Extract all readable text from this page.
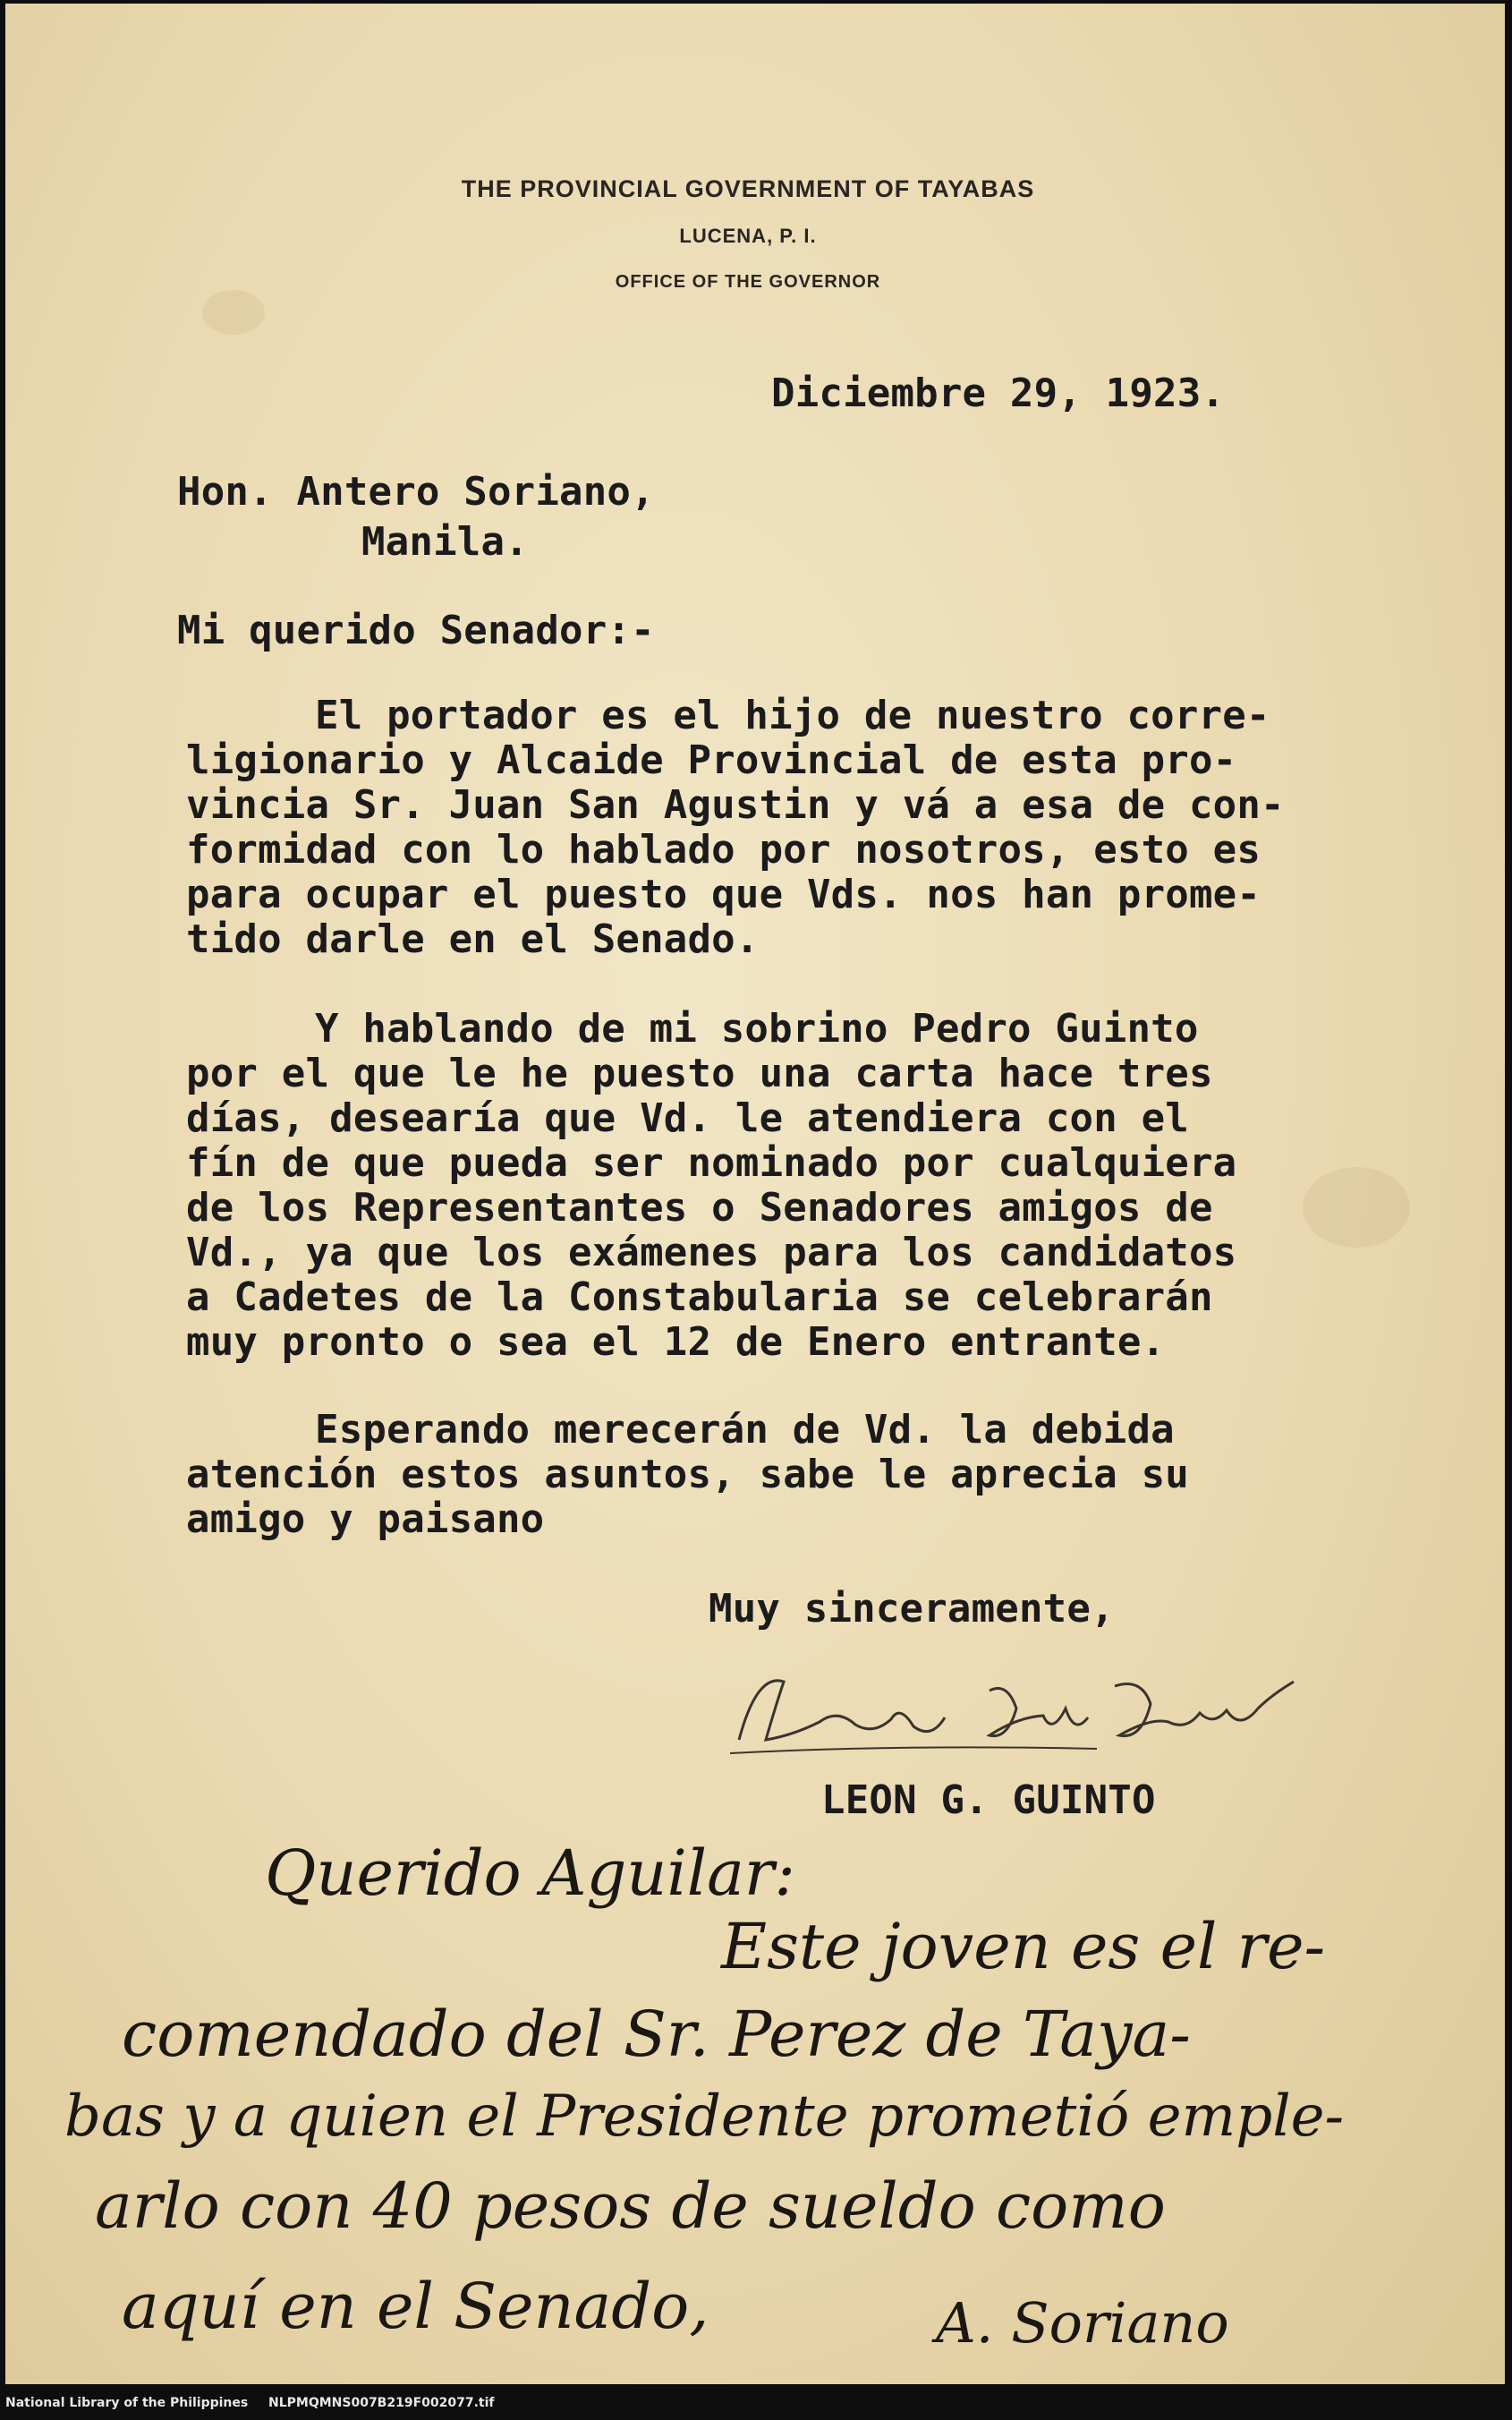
THE PROVINCIAL GOVERNMENT OF TAYABAS
LUCENA, P. I.
OFFICE OF THE GOVERNOR
Diciembre 29, 1923.
Hon. Antero Soriano,
Manila.
Mi querido Senador:-
El portador es el hijo de nuestro corre-
ligionario y Alcaide Provincial de esta pro-
vincia Sr. Juan San Agustin y vá a esa de con-
formidad con lo hablado por nosotros, esto es
para ocupar el puesto que Vds. nos han prome-
tido darle en el Senado.
Y hablando de mi sobrino Pedro Guinto
por el que le he puesto una carta hace tres
días, desearía que Vd. le atendiera con el
fín de que pueda ser nominado por cualquiera
de los Representantes o Senadores amigos de
Vd., ya que los exámenes para los candidatos
a Cadetes de la Constabularia se celebrarán
muy pronto o sea el 12 de Enero entrante.
Esperando merecerán de Vd. la debida
atención estos asuntos, sabe le aprecia su
amigo y paisano
Muy sinceramente,
LEON G. GUINTO
Querido Aguilar:
Este joven es el re-
comendado del Sr. Perez de Taya-
bas y a quien el Presidente prometió emple-
arlo con 40 pesos de sueldo como
aquí en el Senado,	A. Soriano
National Library of the Philippines NLPMQMNS007B219F002077.tif
